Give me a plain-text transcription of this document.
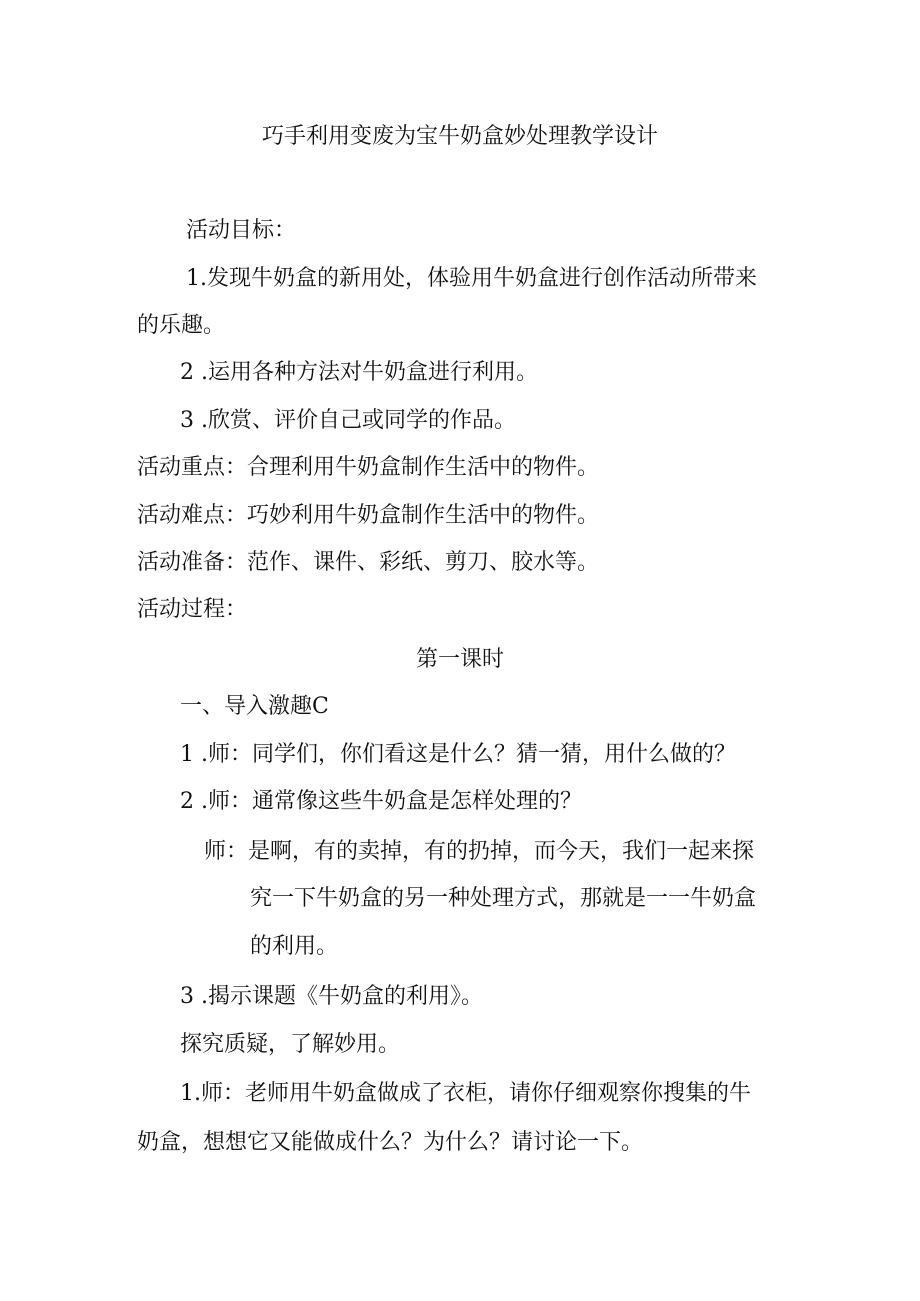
巧手利用变废为宝牛奶盒妙处理教学设计
活动目标：
1.发现牛奶盒的新用处，体验用牛奶盒进行创作活动所带来
的乐趣。
2 .运用各种方法对牛奶盒进行利用。
3 .欣赏、评价自己或同学的作品。
活动重点：合理利用牛奶盒制作生活中的物件。
活动难点：巧妙利用牛奶盒制作生活中的物件。
活动准备：范作、课件、彩纸、剪刀、胶水等。
活动过程：
第一课时
一、导入激趣C
1 .师：同学们，你们看这是什么？猜一猜，用什么做的？
2 .师：通常像这些牛奶盒是怎样处理的？
师：是啊，有的卖掉，有的扔掉，而今天，我们一起来探
究一下牛奶盒的另一种处理方式，那就是一一牛奶盒
的利用。
3 .揭示课题《牛奶盒的利用》。
探究质疑，了解妙用。
1.师：老师用牛奶盒做成了衣柜，请你仔细观察你搜集的牛
奶盒，想想它又能做成什么？为什么？请讨论一下。
